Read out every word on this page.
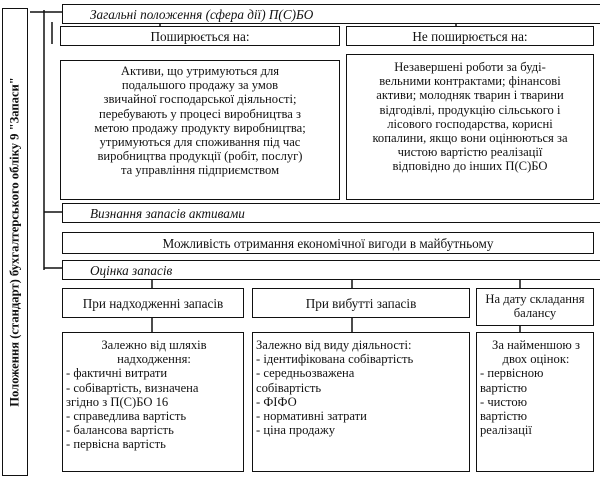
Положення (стандарт) бухгалтерського обліку 9 "Запаси"
Загальні положення (сфера дії) П(С)БО
Поширюється на:
Активи, що утримуються для
подальшого продажу за умов
звичайної господарської діяльності;
перебувають у процесі виробництва з
метою продажу продукту виробництва;
утримуються для споживання під час
виробництва продукції (робіт, послуг)
та управління підприємством
Не поширюється на:
Незавершені роботи за буді-
вельними контрактами; фінансові
активи; молодняк тварин і тварини
відгодівлі, продукцію сільського і
лісового господарства, корисні
копалини, якщо вони оцінюються за
чистою вартістю реалізації
відповідно до інших П(С)БО
Визнання запасів активами
Можливість отримання економічної вигоди в майбутньому
Оцінка запасів
При надходженні запасів
Залежно від шляхів
надходження:
- фактичні витрати
- собівартість, визначена
згідно з П(С)БО 16
- справедлива вартість
- балансова вартість
- первісна вартість
При вибутті запасів
Залежно від виду діяльності:
- ідентифікована собівартість
- середньозважена
собівартість
- ФІФО
- нормативні затрати
- ціна продажу
На дату складання
балансу
За найменшою з
двох оцінок:
- первісною
вартістю
- чистою
вартістю
реалізації
